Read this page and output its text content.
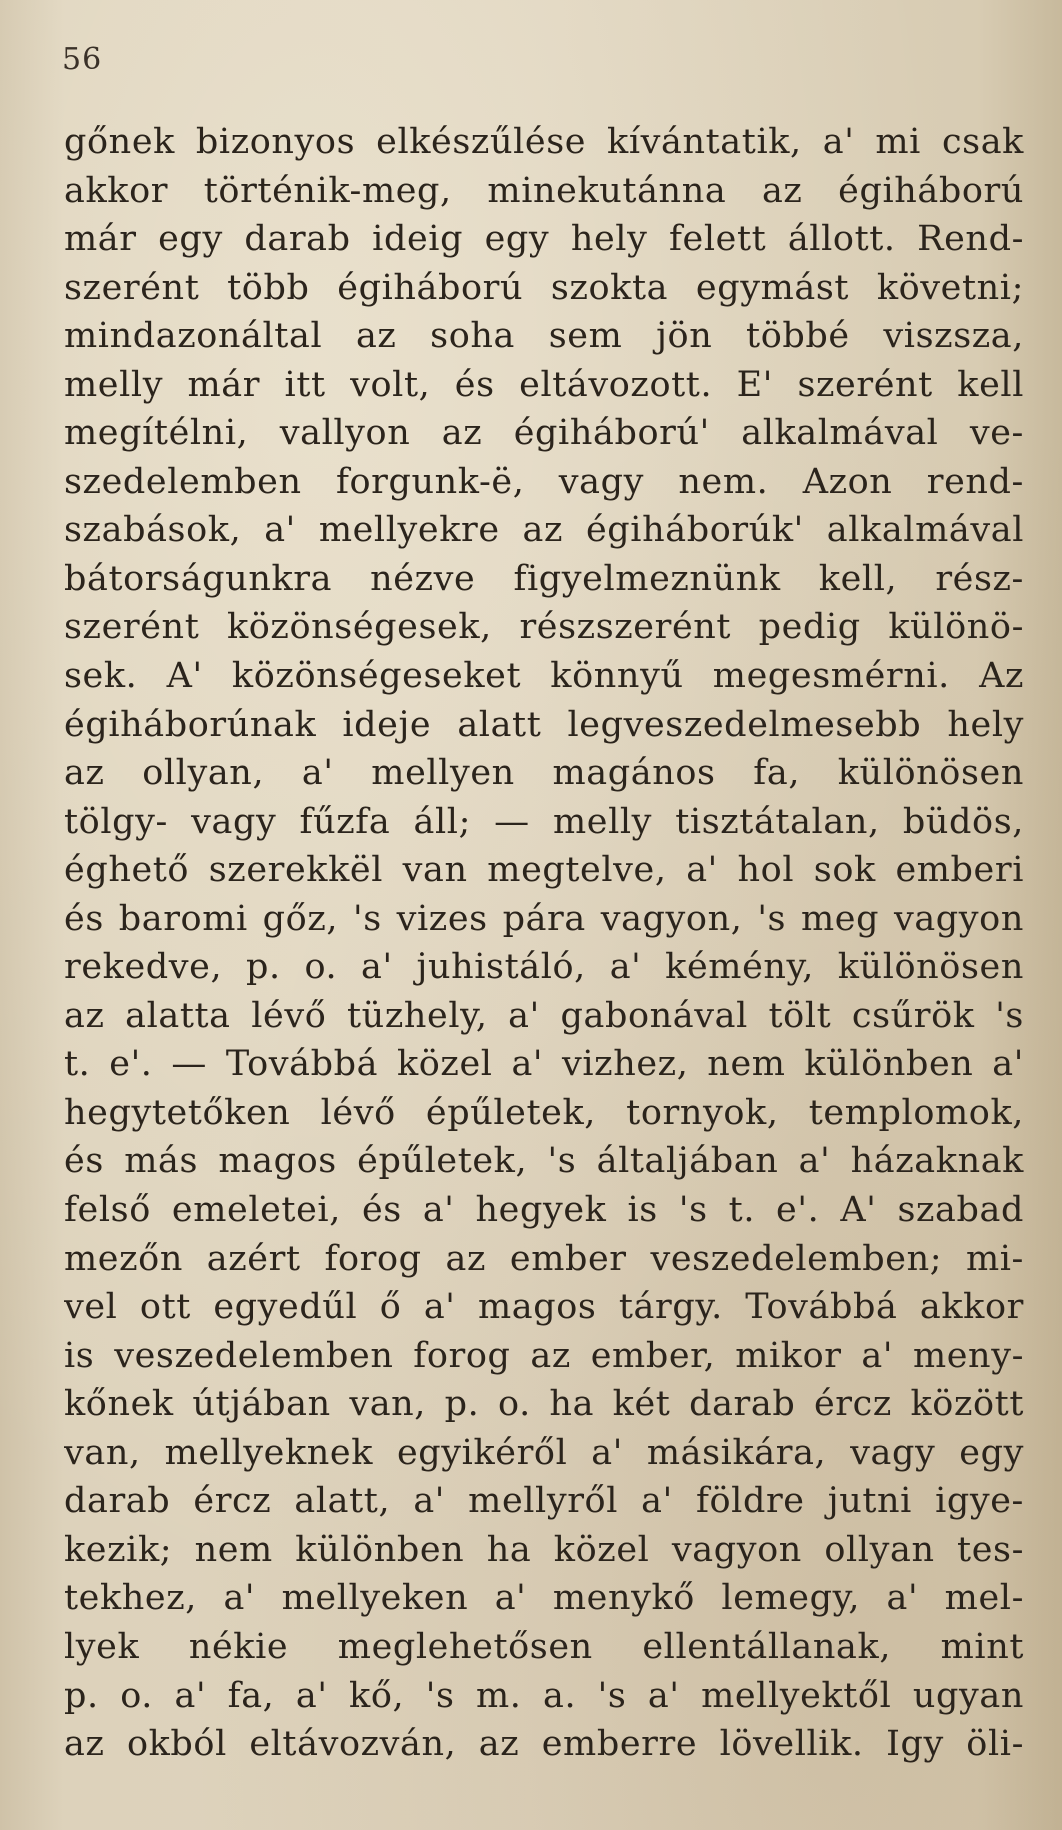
56
gőnek bizonyos elkészűlése kívántatik, a' mi csak
akkor történik-meg, minekutánna az égiháború
már egy darab ideig egy hely felett állott. Rend-
szerént több égiháború szokta egymást követni;
mindazonáltal az soha sem jön többé viszsza,
melly már itt volt, és eltávozott. E' szerént kell
megítélni, vallyon az égiháború' alkalmával ve-
szedelemben forgunk-ë, vagy nem. Azon rend-
szabások, a' mellyekre az égiháborúk' alkalmával
bátorságunkra nézve figyelmeznünk kell, rész-
szerént közönségesek, részszerént pedig különö-
sek. A' közönségeseket könnyű megesmérni. Az
égiháborúnak ideje alatt legveszedelmesebb hely
az ollyan, a' mellyen magános fa, különösen
tölgy- vagy fűzfa áll; — melly tisztátalan, büdös,
éghető szerekkël van megtelve, a' hol sok emberi
és baromi gőz, 's vizes pára vagyon, 's meg vagyon
rekedve, p. o. a' juhistáló, a' kémény, különösen
az alatta lévő tüzhely, a' gabonával tölt csűrök 's
t. e'. — Továbbá közel a' vizhez, nem különben a'
hegytetőken lévő épűletek, tornyok, templomok,
és más magos épűletek, 's általjában a' házaknak
felső emeletei, és a' hegyek is 's t. e'. A' szabad
mezőn azért forog az ember veszedelemben; mi-
vel ott egyedűl ő a' magos tárgy. Továbbá akkor
is veszedelemben forog az ember, mikor a' meny-
kőnek útjában van, p. o. ha két darab ércz között
van, mellyeknek egyikéről a' másikára, vagy egy
darab ércz alatt, a' mellyről a' földre jutni igye-
kezik; nem különben ha közel vagyon ollyan tes-
tekhez, a' mellyeken a' menykő lemegy, a' mel-
lyek nékie meglehetősen ellentállanak, mint
p. o. a' fa, a' kő, 's m. a. 's a' mellyektől ugyan
az okból eltávozván, az emberre lövellik. Igy öli-
